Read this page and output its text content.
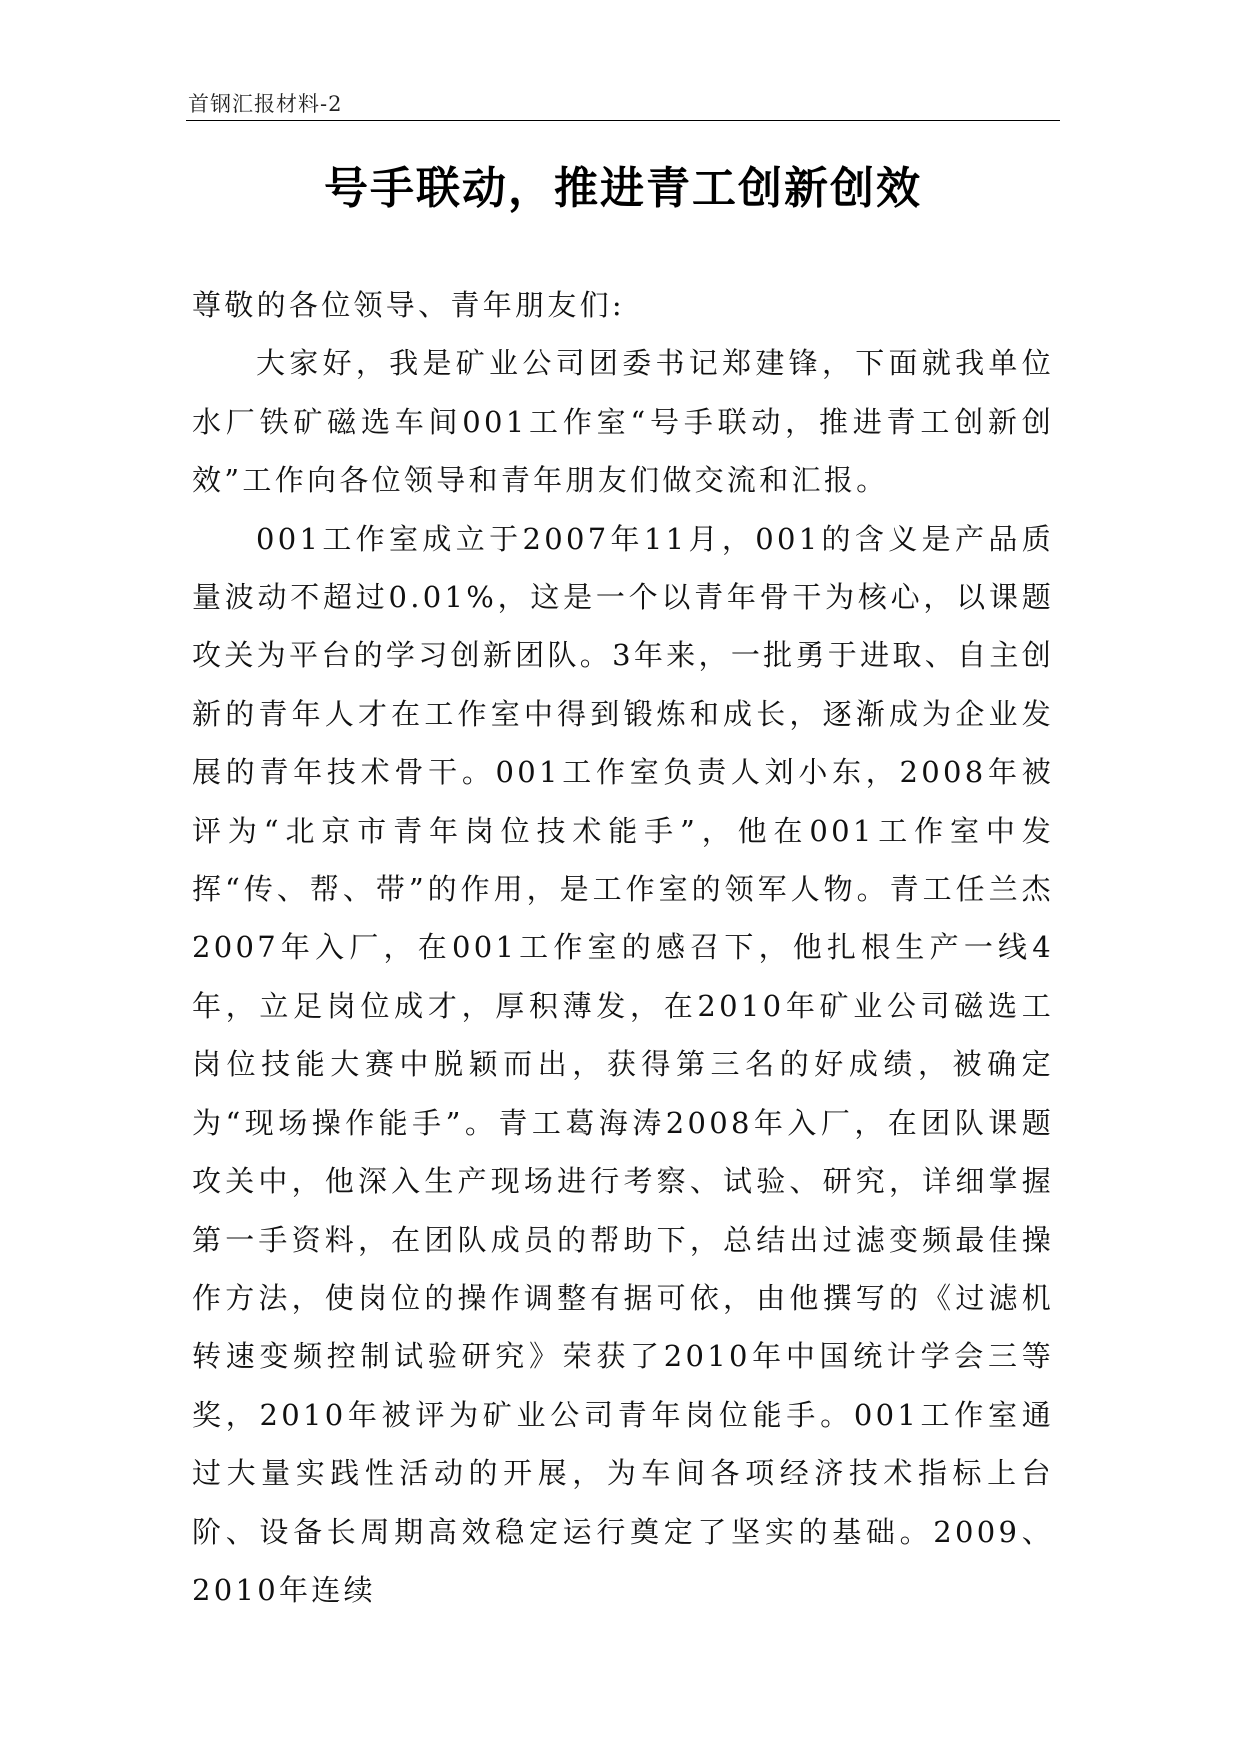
首钢汇报材料-2
号手联动，推进青工创新创效

尊敬的各位领导、青年朋友们:

大家好，我是矿业公司团委书记郑建锋，下面就我单位水厂铁矿磁选车间001工作室“号手联动，推进青工创新创效”工作向各位领导和青年朋友们做交流和汇报。

001工作室成立于2007年11月，001的含义是产品质量波动不超过0.01%，这是一个以青年骨干为核心，以课题攻关为平台的学习创新团队。3年来，一批勇于进取、自主创新的青年人才在工作室中得到锻炼和成长，逐渐成为企业发展的青年技术骨干。001工作室负责人刘小东，2008年被评为“北京市青年岗位技术能手”，他在001工作室中发挥“传、帮、带”的作用，是工作室的领军人物。青工任兰杰2007年入厂，在001工作室的感召下，他扎根生产一线4年，立足岗位成才，厚积薄发，在2010年矿业公司磁选工岗位技能大赛中脱颖而出，获得第三名的好成绩，被确定为“现场操作能手”。青工葛海涛2008年入厂，在团队课题攻关中，他深入生产现场进行考察、试验、研究，详细掌握第一手资料，在团队成员的帮助下，总结出过滤变频最佳操作方法，使岗位的操作调整有据可依，由他撰写的《过滤机转速变频控制试验研究》荣获了2010年中国统计学会三等奖，2010年被评为矿业公司青年岗位能手。001工作室通过大量实践性活动的开展，为车间各项经济技术指标上台阶、设备长周期高效稳定运行奠定了坚实的基础。2009、2010年连续
